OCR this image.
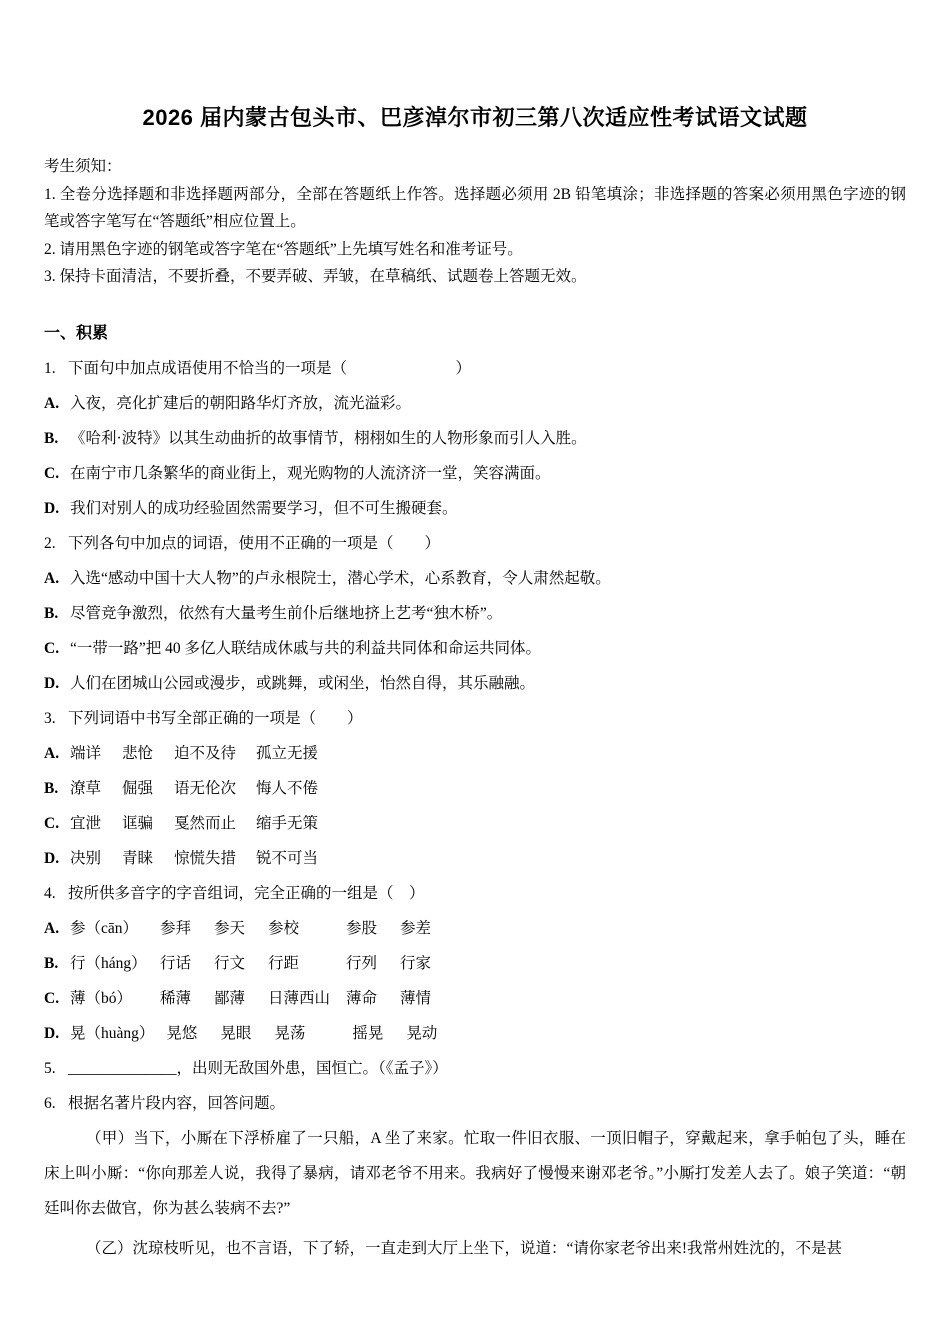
2026 届内蒙古包头市、巴彦淖尔市初三第八次适应性考试语文试题

考生须知：

1. 全卷分选择题和非选择题两部分，全部在答题纸上作答。选择题必须用 2B 铅笔填涂；非选择题的答案必须用黑色字迹的钢笔或答字笔写在“答题纸”相应位置上。

2. 请用黑色字迹的钢笔或答字笔在“答题纸”上先填写姓名和准考证号。

3. 保持卡面清洁，不要折叠，不要弄破、弄皱，在草稿纸、试题卷上答题无效。

一、积累
1. 下面句中加点成语使用不恰当的一项是（　　　　　　　）
A. 入夜，亮化扩建后的朝阳路华灯齐放，流光溢彩。
B. 《哈利·波特》以其生动曲折的故事情节，栩栩如生的人物形象而引人入胜。
C. 在南宁市几条繁华的商业街上，观光购物的人流济济一堂，笑容满面。
D. 我们对别人的成功经验固然需要学习，但不可生搬硬套。
2. 下列各句中加点的词语，使用不正确的一项是（　　）
A. 入选“感动中国十大人物”的卢永根院士，潜心学术，心系教育，令人肃然起敬。
B. 尽管竞争激烈，依然有大量考生前仆后继地挤上艺考“独木桥”。
C. “一带一路”把 40 多亿人联结成休戚与共的利益共同体和命运共同体。
D. 人们在团城山公园或漫步，或跳舞，或闲坐，怡然自得，其乐融融。
3. 下列词语中书写全部正确的一项是（　　）
A. 端详 悲怆 迫不及待 孤立无援
B. 潦草 倔强 语无伦次 悔人不倦
C. 宜泄 诓骗 戛然而止 缩手无策
D. 决别 青睐 惊慌失措 锐不可当
4. 按所供多音字的字音组词，完全正确的一组是（　）
A. 参（cān） 参拜 参天 参校	参股 参差
B. 行（háng） 行话 行文 行距	行列 行家
C. 薄（bó） 稀薄 鄙薄 日薄西山 薄命 薄情
D. 晃（huàng） 晃悠 晃眼 晃荡	摇晃 晃动
5. ______________，出则无敌国外患，国恒亡。（《孟子》）
6. 根据名著片段内容，回答问题。

（甲）当下，小厮在下浮桥雇了一只船，A 坐了来家。忙取一件旧衣服、一顶旧帽子，穿戴起来，拿手帕包了头，睡在床上叫小厮：“你向那差人说，我得了暴病，请邓老爷不用来。我病好了慢慢来谢邓老爷。”小厮打发差人去了。娘子笑道：“朝廷叫你去做官，你为甚么装病不去?”

（乙）沈琼枝听见，也不言语，下了轿，一直走到大厅上坐下，说道：“请你家老爷出来!我常州姓沈的，不是甚
